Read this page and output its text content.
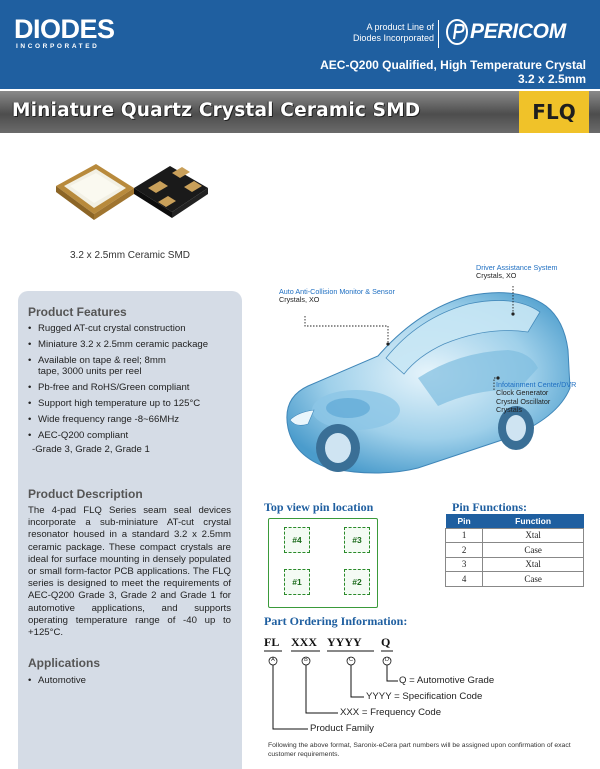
DIODES
INCORPORATED
A product Line of
Diodes Incorporated PERICOM
AEC-Q200 Qualified, High Temperature Crystal
3.2 x 2.5mm
Miniature Quartz Crystal Ceramic SMD	FLQ
3.2 x 2.5mm Ceramic SMD
Product Features
• Rugged AT-cut crystal construction
• Miniature 3.2 x 2.5mm ceramic package
• Available on tape & reel; 8mm tape, 3000 units per reel
• Pb-free and RoHS/Green compliant
• Support high temperature up to 125°C
• Wide frequency range -8~66MHz
• AEC-Q200 compliant
-Grade 3, Grade 2, Grade 1
Product Description
The 4-pad FLQ Series seam seal devices incorporate a sub-miniature AT-cut crystal resonator housed in a standard 3.2 x 2.5mm ceramic package. These compact crystals are ideal for surface mounting in densely populated or small form-factor PCB applications. The FLQ series is designed to meet the requirements of AEC-Q200 Grade 3, Grade 2 and Grade 1 for automotive applications, and supports operating temperature range of -40 up to +125°C.
Applications
• Automotive
Driver Assistance System
Crystals, XO
Auto Anti-Collision Monitor & Sensor
Crystals, XO
Infotainment Center/DVR
Clock Generator
Crystal Oscillator
Crystals
Top view pin location
#4	#3
#1	#2
Pin Functions:
Pin	Function
1	Xtal
2	Case
3	Xtal
4	Case
Part Ordering Information:
FL XXX YYYY Q
A	B	C	D
Q = Automotive Grade
YYYY = Specification Code
XXX = Frequency Code
Product Family
Following the above format, Saronix-eCera part numbers will be assigned upon confirmation of exact customer requirements.
